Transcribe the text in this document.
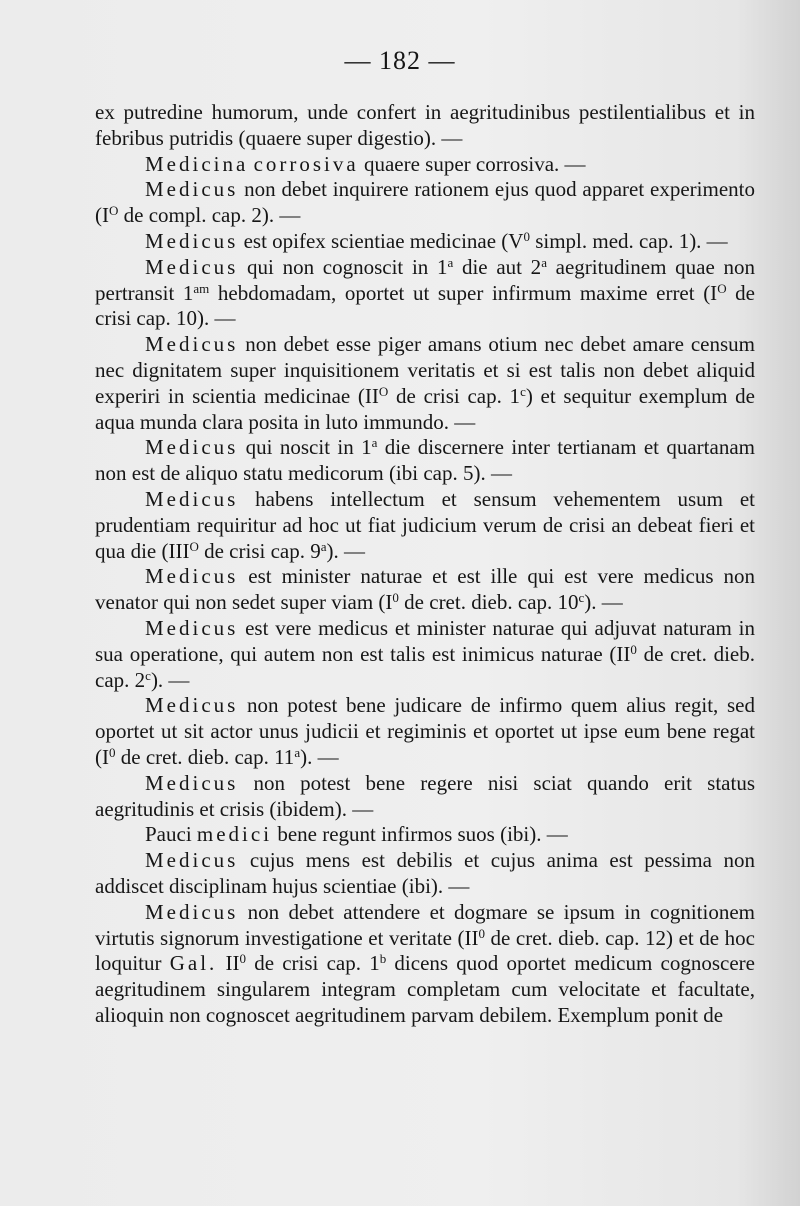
— 182 —

ex putredine humorum, unde confert in aegritudinibus pestilentialibus et in febribus putridis (quaere super digestio). —

Medicina corrosiva quaere super corrosiva. —

Medicus non debet inquirere rationem ejus quod apparet experimento ($I^O$ de compl. cap. 2). —

Medicus est opifex scientiae medicinae ($V^0$ simpl. med. cap. 1). —

Medicus qui non cognoscit in 1$^a$ die aut 2$^a$ aegritudinem quae non pertransit $1^{am}$ hebdomadam, oportet ut super infirmum maxime erret ($I^O$ de crisi cap. 10). —

Medicus non debet esse piger amans otium nec debet amare censum nec dignitatem super inquisitionem veritatis et si est talis non debet aliquid experiri in scientia medicinae ($II^O$ de crisi cap. 1$^c$) et sequitur exemplum de aqua munda clara posita in luto immundo. —

Medicus qui noscit in 1$^a$ die discernere inter tertianam et quartanam non est de aliquo statu medicorum (ibi cap. 5). —

Medicus habens intellectum et sensum vehementem usum et prudentiam requiritur ad hoc ut fiat judicium verum de crisi an debeat fieri et qua die ($III^O$ de crisi cap. 9$^a$). —

Medicus est minister naturae et est ille qui est vere medicus non venator qui non sedet super viam ($I^0$ de cret. dieb. cap. 10$^c$). —

Medicus est vere medicus et minister naturae qui adjuvat naturam in sua operatione, qui autem non est talis est inimicus naturae ($II^0$ de cret. dieb. cap. 2$^c$). —

Medicus non potest bene judicare de infirmo quem alius regit, sed oportet ut sit actor unus judicii et regiminis et oportet ut ipse eum bene regat ($I^0$ de cret. dieb. cap. 11$^a$). —

Medicus non potest bene regere nisi sciat quando erit status aegritudinis et crisis (ibidem). —

Pauci medici bene regunt infirmos suos (ibi). —

Medicus cujus mens est debilis et cujus anima est pessima non addiscet disciplinam hujus scientiae (ibi). —

Medicus non debet attendere et dogmare se ipsum in cognitionem virtutis signorum investigatione et veritate ($II^0$ de cret. dieb. cap. 12) et de hoc loquitur Gal. $II^0$ de crisi cap. 1$^b$ dicens quod oportet medicum cognoscere aegritudinem singularem integram completam cum velocitate et facultate, alioquin non cognoscet aegritudinem parvam debilem. Exemplum ponit de
